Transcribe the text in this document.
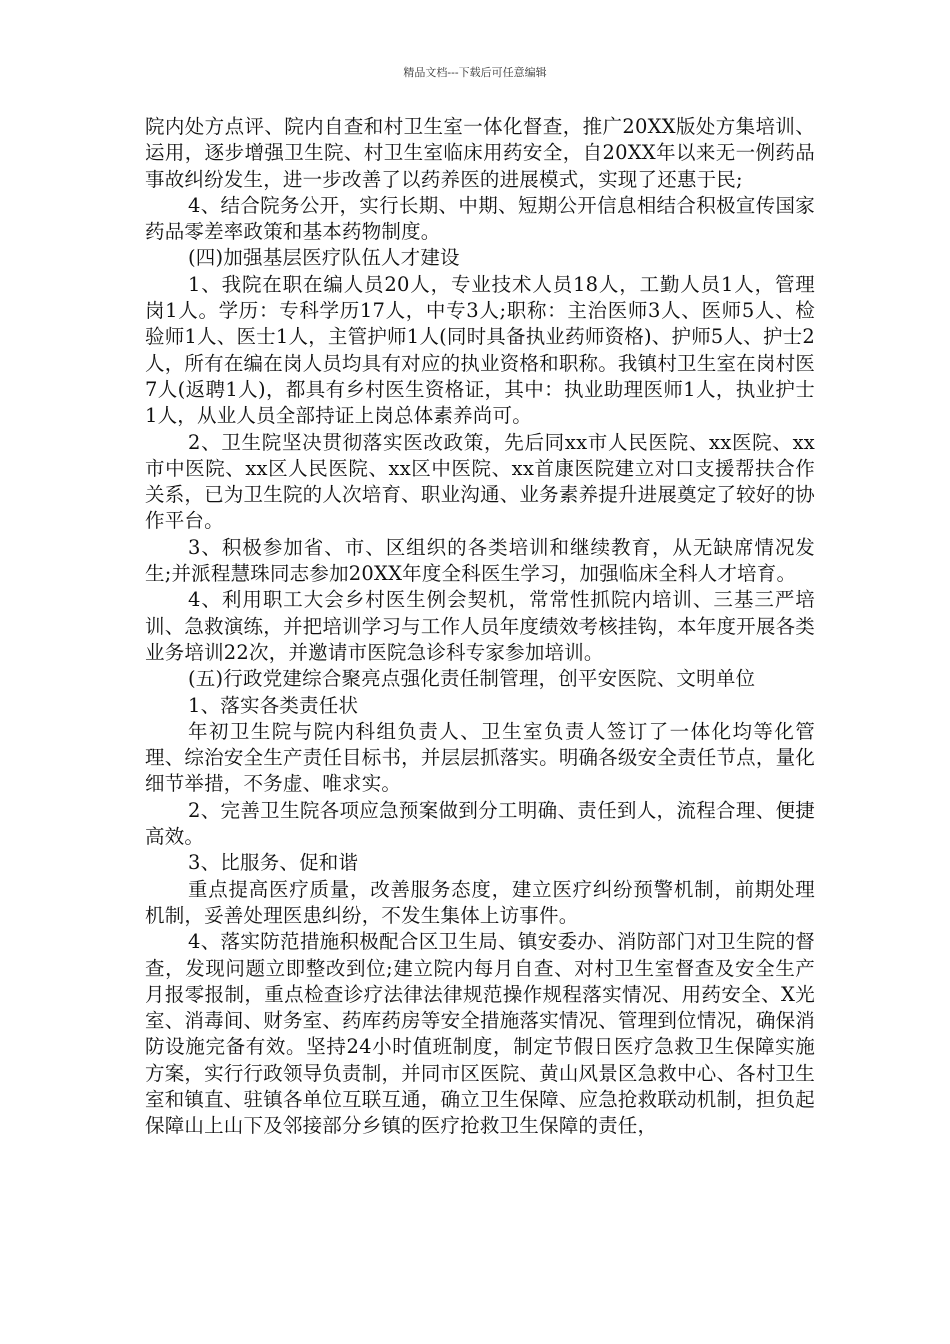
精品文档---下载后可任意编辑

院内处方点评、院内自查和村卫生室一体化督查，推广20XX版处方集培训、运用，逐步增强卫生院、村卫生室临床用药安全，自20XX年以来无一例药品事故纠纷发生，进一步改善了以药养医的进展模式，实现了还惠于民;

4、结合院务公开，实行长期、中期、短期公开信息相结合积极宣传国家药品零差率政策和基本药物制度。

(四)加强基层医疗队伍人才建设

1、我院在职在编人员20人，专业技术人员18人，工勤人员1人，管理岗1人。学历：专科学历17人，中专3人;职称：主治医师3人、医师5人、检验师1人、医士1人，主管护师1人(同时具备执业药师资格)、护师5人、护士2人，所有在编在岗人员均具有对应的执业资格和职称。我镇村卫生室在岗村医7人(返聘1人)，都具有乡村医生资格证，其中：执业助理医师1人，执业护士1人，从业人员全部持证上岗总体素养尚可。

2、卫生院坚决贯彻落实医改政策，先后同xx市人民医院、xx医院、xx市中医院、xx区人民医院、xx区中医院、xx首康医院建立对口支援帮扶合作关系，已为卫生院的人次培育、职业沟通、业务素养提升进展奠定了较好的协作平台。

3、积极参加省、市、区组织的各类培训和继续教育，从无缺席情况发生;并派程慧珠同志参加20XX年度全科医生学习，加强临床全科人才培育。

4、利用职工大会乡村医生例会契机，常常性抓院内培训、三基三严培训、急救演练，并把培训学习与工作人员年度绩效考核挂钩，本年度开展各类业务培训22次，并邀请市医院急诊科专家参加培训。

(五)行政党建综合聚亮点强化责任制管理，创平安医院、文明单位

1、落实各类责任状

年初卫生院与院内科组负责人、卫生室负责人签订了一体化均等化管理、综治安全生产责任目标书，并层层抓落实。明确各级安全责任节点，量化细节举措，不务虚、唯求实。

2、完善卫生院各项应急预案做到分工明确、责任到人，流程合理、便捷高效。

3、比服务、促和谐

重点提高医疗质量，改善服务态度，建立医疗纠纷预警机制，前期处理机制，妥善处理医患纠纷，不发生集体上访事件。

4、落实防范措施积极配合区卫生局、镇安委办、消防部门对卫生院的督查，发现问题立即整改到位;建立院内每月自查、对村卫生室督查及安全生产月报零报制，重点检查诊疗法律法律规范操作规程落实情况、用药安全、X光室、消毒间、财务室、药库药房等安全措施落实情况、管理到位情况，确保消防设施完备有效。坚持24小时值班制度，制定节假日医疗急救卫生保障实施方案，实行行政领导负责制，并同市区医院、黄山风景区急救中心、各村卫生室和镇直、驻镇各单位互联互通，确立卫生保障、应急抢救联动机制，担负起保障山上山下及邻接部分乡镇的医疗抢救卫生保障的责任，
